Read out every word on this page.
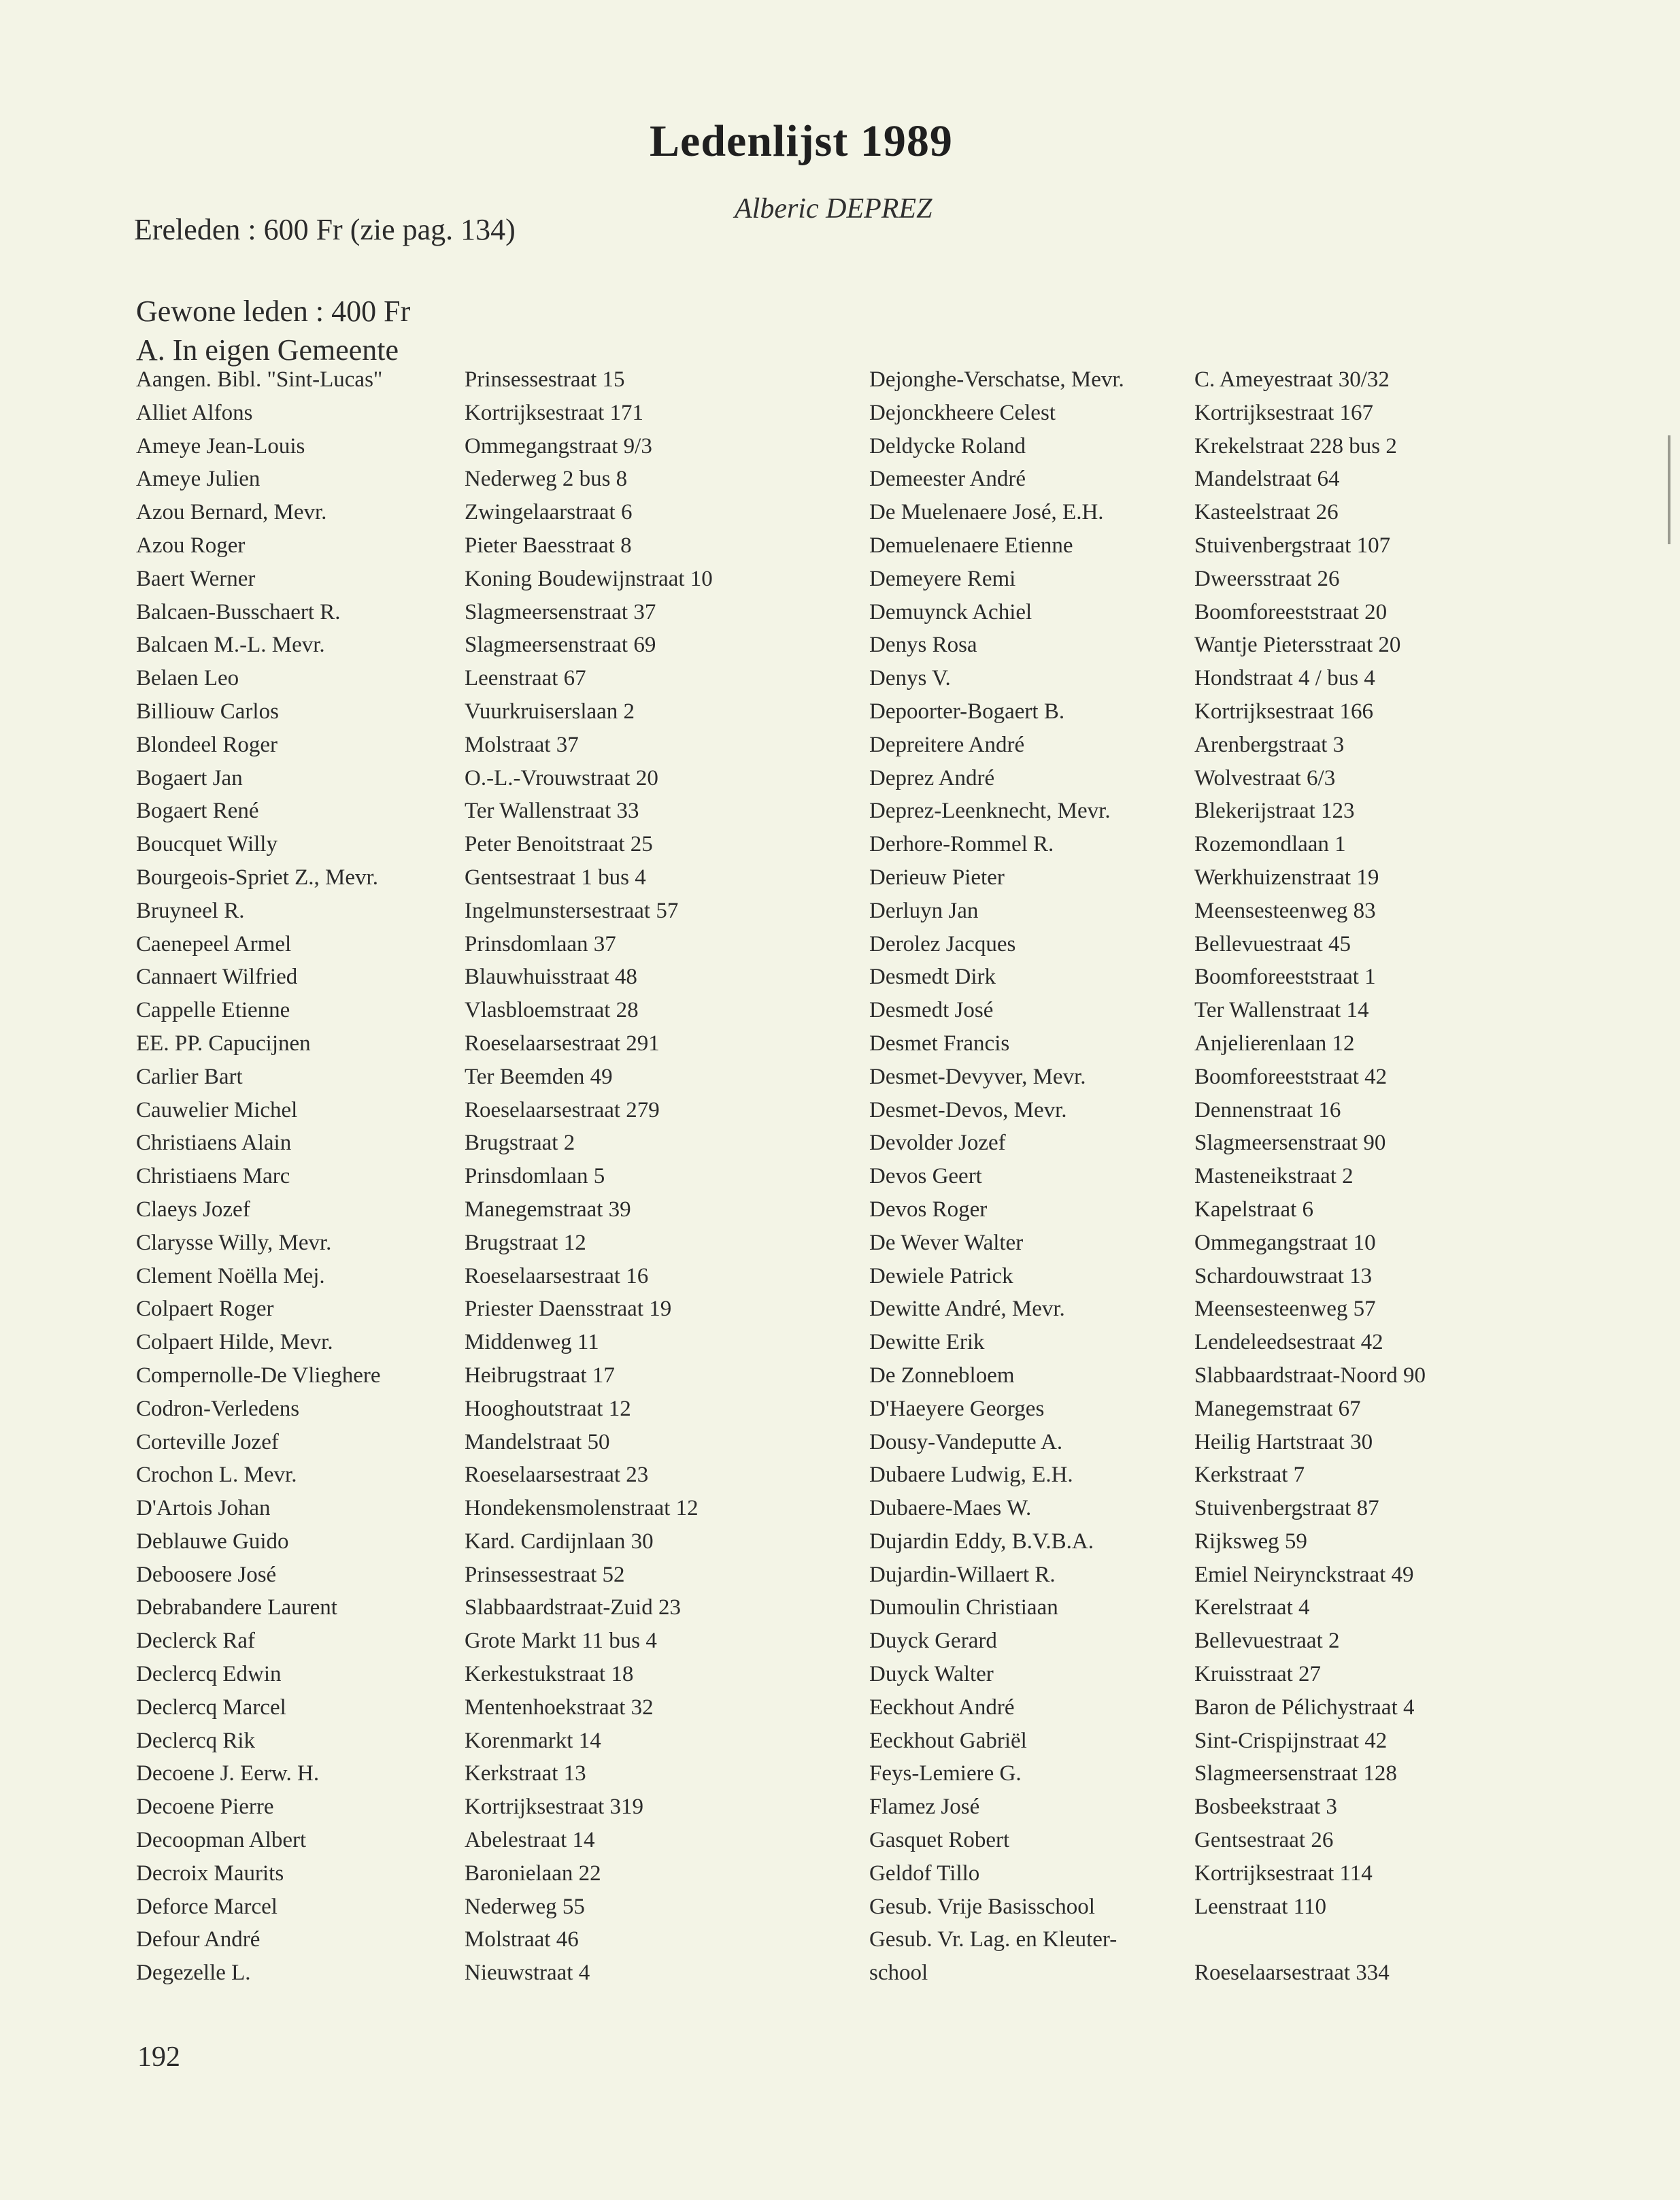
Ledenlijst 1989
Alberic DEPREZ
Ereleden : 600 Fr (zie pag. 134)
Gewone leden : 400 Fr
A. In eigen Gemeente
Aangen. Bibl. "Sint-Lucas"
Alliet Alfons
Ameye Jean-Louis
Ameye Julien
Azou Bernard, Mevr.
Azou Roger
Baert Werner
Balcaen-Busschaert R.
Balcaen M.-L. Mevr.
Belaen Leo
Billiouw Carlos
Blondeel Roger
Bogaert Jan
Bogaert René
Boucquet Willy
Bourgeois-Spriet Z., Mevr.
Bruyneel R.
Caenepeel Armel
Cannaert Wilfried
Cappelle Etienne
EE. PP. Capucijnen
Carlier Bart
Cauwelier Michel
Christiaens Alain
Christiaens Marc
Claeys Jozef
Clarysse Willy, Mevr.
Clement Noëlla Mej.
Colpaert Roger
Colpaert Hilde, Mevr.
Compernolle-De Vlieghere
Codron-Verledens
Corteville Jozef
Crochon L. Mevr.
D'Artois Johan
Deblauwe Guido
Deboosere José
Debrabandere Laurent
Declerck Raf
Declercq Edwin
Declercq Marcel
Declercq Rik
Decoene J. Eerw. H.
Decoene Pierre
Decoopman Albert
Decroix Maurits
Deforce Marcel
Defour André
Degezelle L.
Prinsessestraat 15
Kortrijksestraat 171
Ommegangstraat 9/3
Nederweg 2 bus 8
Zwingelaarstraat 6
Pieter Baesstraat 8
Koning Boudewijnstraat 10
Slagmeersenstraat 37
Slagmeersenstraat 69
Leenstraat 67
Vuurkruiserslaan 2
Molstraat 37
O.-L.-Vrouwstraat 20
Ter Wallenstraat 33
Peter Benoitstraat 25
Gentsestraat 1 bus 4
Ingelmunstersestraat 57
Prinsdomlaan 37
Blauwhuisstraat 48
Vlasbloemstraat 28
Roeselaarsestraat 291
Ter Beemden 49
Roeselaarsestraat 279
Brugstraat 2
Prinsdomlaan 5
Manegemstraat 39
Brugstraat 12
Roeselaarsestraat 16
Priester Daensstraat 19
Middenweg 11
Heibrugstraat 17
Hooghoutstraat 12
Mandelstraat 50
Roeselaarsestraat 23
Hondekensmolenstraat 12
Kard. Cardijnlaan 30
Prinsessestraat 52
Slabbaardstraat-Zuid 23
Grote Markt 11 bus 4
Kerkestukstraat 18
Mentenhoekstraat 32
Korenmarkt 14
Kerkstraat 13
Kortrijksestraat 319
Abelestraat 14
Baronielaan 22
Nederweg 55
Molstraat 46
Nieuwstraat 4
Dejonghe-Verschatse, Mevr.
Dejonckheere Celest
Deldycke Roland
Demeester André
De Muelenaere José, E.H.
Demuelenaere Etienne
Demeyere Remi
Demuynck Achiel
Denys Rosa
Denys V.
Depoorter-Bogaert B.
Depreitere André
Deprez André
Deprez-Leenknecht, Mevr.
Derhore-Rommel R.
Derieuw Pieter
Derluyn Jan
Derolez Jacques
Desmedt Dirk
Desmedt José
Desmet Francis
Desmet-Devyver, Mevr.
Desmet-Devos, Mevr.
Devolder Jozef
Devos Geert
Devos Roger
De Wever Walter
Dewiele Patrick
Dewitte André, Mevr.
Dewitte Erik
De Zonnebloem
D'Haeyere Georges
Dousy-Vandeputte A.
Dubaere Ludwig, E.H.
Dubaere-Maes W.
Dujardin Eddy, B.V.B.A.
Dujardin-Willaert R.
Dumoulin Christiaan
Duyck Gerard
Duyck Walter
Eeckhout André
Eeckhout Gabriël
Feys-Lemiere G.
Flamez José
Gasquet Robert
Geldof Tillo
Gesub. Vrije Basisschool
Gesub. Vr. Lag. en Kleuter-
school
C. Ameyestraat 30/32
Kortrijksestraat 167
Krekelstraat 228 bus 2
Mandelstraat 64
Kasteelstraat 26
Stuivenbergstraat 107
Dweersstraat 26
Boomforeeststraat 20
Wantje Pietersstraat 20
Hondstraat 4 / bus 4
Kortrijksestraat 166
Arenbergstraat 3
Wolvestraat 6/3
Blekerijstraat 123
Rozemondlaan 1
Werkhuizenstraat 19
Meensesteenweg 83
Bellevuestraat 45
Boomforeeststraat 1
Ter Wallenstraat 14
Anjelierenlaan 12
Boomforeeststraat 42
Dennenstraat 16
Slagmeersenstraat 90
Masteneikstraat 2
Kapelstraat 6
Ommegangstraat 10
Schardouwstraat 13
Meensesteenweg 57
Lendeleedsestraat 42
Slabbaardstraat-Noord 90
Manegemstraat 67
Heilig Hartstraat 30
Kerkstraat 7
Stuivenbergstraat 87
Rijksweg 59
Emiel Neirynckstraat 49
Kerelstraat 4
Bellevuestraat 2
Kruisstraat 27
Baron de Pélichystraat 4
Sint-Crispijnstraat 42
Slagmeersenstraat 128
Bosbeekstraat 3
Gentsestraat 26
Kortrijksestraat 114
Leenstraat 110
Roeselaarsestraat 334
192
